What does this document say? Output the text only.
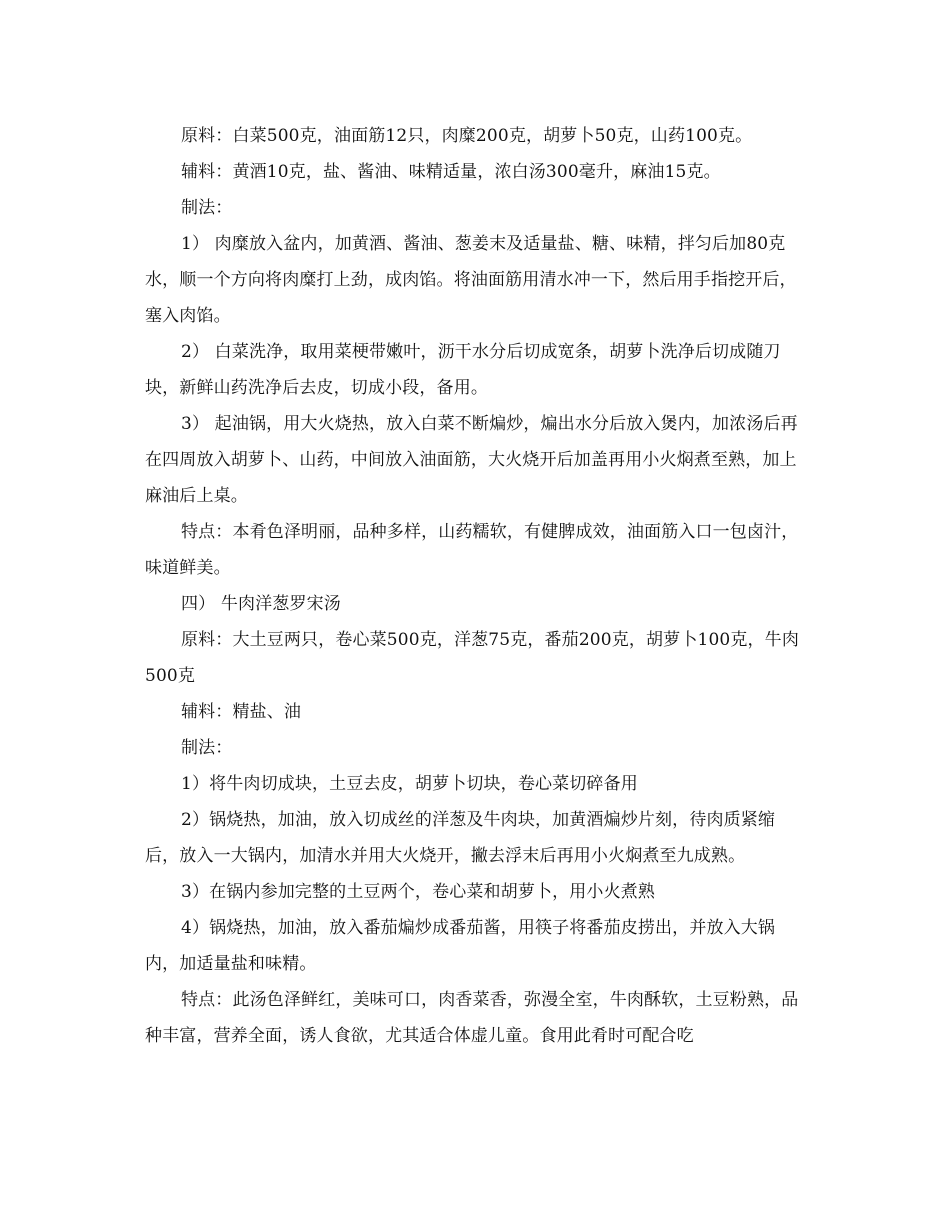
原料：白菜500克，油面筋12只，肉糜200克，胡萝卜50克，山药100克。

辅料：黄酒10克，盐、酱油、味精适量，浓白汤300毫升，麻油15克。

制法：

1） 肉糜放入盆内，加黄酒、酱油、葱姜末及适量盐、糖、味精，拌匀后加80克水，顺一个方向将肉糜打上劲，成肉馅。将油面筋用清水冲一下，然后用手指挖开后，塞入肉馅。

2） 白菜洗净，取用菜梗带嫩叶，沥干水分后切成宽条，胡萝卜洗净后切成随刀块，新鲜山药洗净后去皮，切成小段，备用。

3） 起油锅，用大火烧热，放入白菜不断煸炒，煸出水分后放入煲内，加浓汤后再在四周放入胡萝卜、山药，中间放入油面筋，大火烧开后加盖再用小火焖煮至熟，加上麻油后上桌。

特点：本肴色泽明丽，品种多样，山药糯软，有健脾成效，油面筋入口一包卤汁，味道鲜美。

四） 牛肉洋葱罗宋汤

原料：大土豆两只，卷心菜500克，洋葱75克，番茄200克，胡萝卜100克，牛肉500克

辅料：精盐、油

制法：

1）将牛肉切成块，土豆去皮，胡萝卜切块，卷心菜切碎备用

2）锅烧热，加油，放入切成丝的洋葱及牛肉块，加黄酒煸炒片刻，待肉质紧缩后，放入一大锅内，加清水并用大火烧开，撇去浮末后再用小火焖煮至九成熟。

3）在锅内参加完整的土豆两个，卷心菜和胡萝卜，用小火煮熟

4）锅烧热，加油，放入番茄煸炒成番茄酱，用筷子将番茄皮捞出，并放入大锅内，加适量盐和味精。

特点：此汤色泽鲜红，美味可口，肉香菜香，弥漫全室，牛肉酥软，土豆粉熟，品种丰富，营养全面，诱人食欲，尤其适合体虚儿童。食用此肴时可配合吃
